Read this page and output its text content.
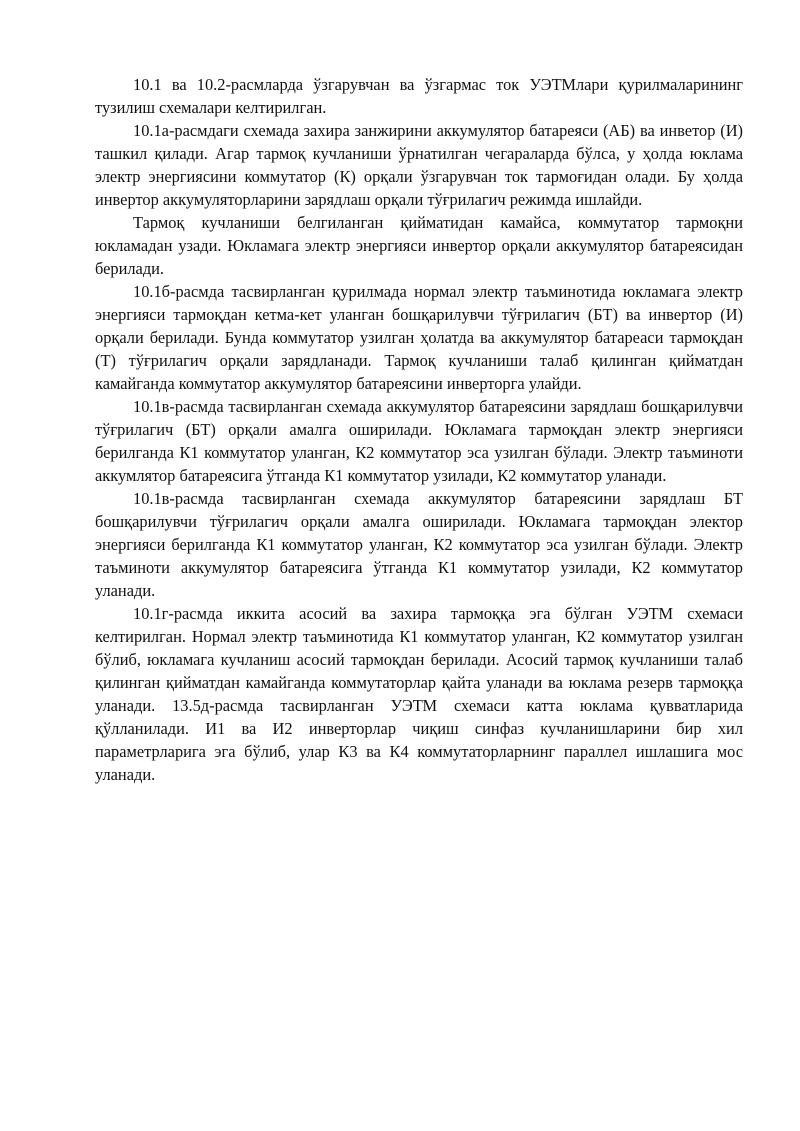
10.1 ва 10.2-расмларда ўзгарувчан ва ўзгармас ток УЭТМлари қурилмаларининг тузилиш схемалари келтирилган.

10.1а-расмдаги схемада захира занжирини аккумулятор батареяси (АБ) ва инветор (И) ташкил қилади. Агар тармоқ кучланиши ўрнатилган чегараларда бўлса, у ҳолда юклама электр энергиясини коммутатор (К) орқали ўзгарувчан ток тармоғидан олади. Бу ҳолда инвертор аккумуляторларини зарядлаш орқали тўғрилагич режимда ишлайди.

Тармоқ кучланиши белгиланган қийматидан камайса, коммутатор тармоқни юкламадан узади. Юкламага электр энергияси инвертор орқали аккумулятор батареясидан берилади.

10.1б-расмда тасвирланган қурилмада нормал электр таъминотида юкламага электр энергияси тармоқдан кетма-кет уланган бошқарилувчи тўғрилагич (БТ) ва инвертор (И) орқали берилади. Бунда коммутатор узилган ҳолатда ва аккумулятор батареаси тармоқдан (Т) тўғрилагич орқали зарядланади. Тармоқ кучланиши талаб қилинган қийматдан камайганда коммутатор аккумулятор батареясини инверторга улайди.

10.1в-расмда тасвирланган схемада аккумулятор батареясини зарядлаш бошқарилувчи тўғрилагич (БТ) орқали амалга оширилади. Юкламага тармоқдан электр энергияси берилганда К1 коммутатор уланган, К2 коммутатор эса узилган бўлади. Электр таъминоти аккумлятор батареясига ўтганда К1 коммутатор узилади, К2 коммутатор уланади.

10.1в-расмда тасвирланган схемада аккумулятор батареясини зарядлаш БТ бошқарилувчи тўғрилагич орқали амалга оширилади. Юкламага тармоқдан электор энергияси берилганда К1 коммутатор уланган, К2 коммутатор эса узилган бўлади. Электр таъминоти аккумулятор батареясига ўтганда К1 коммутатор узилади, К2 коммутатор уланади.

10.1г-расмда иккита асосий ва захира тармоққа эга бўлган УЭТМ схемаси келтирилган. Нормал электр таъминотида К1 коммутатор уланган, К2 коммутатор узилган бўлиб, юкламага кучланиш асосий тармоқдан берилади. Асосий тармоқ кучланиши талаб қилинган қийматдан камайганда коммутаторлар қайта уланади ва юклама резерв тармоққа уланади. 13.5д-расмда тасвирланган УЭТМ схемаси катта юклама қувватларида қўлланилади. И1 ва И2 инверторлар чиқиш синфаз кучланишларини бир хил параметрларига эга бўлиб, улар К3 ва К4 коммутаторларнинг параллел ишлашига мос уланади.
